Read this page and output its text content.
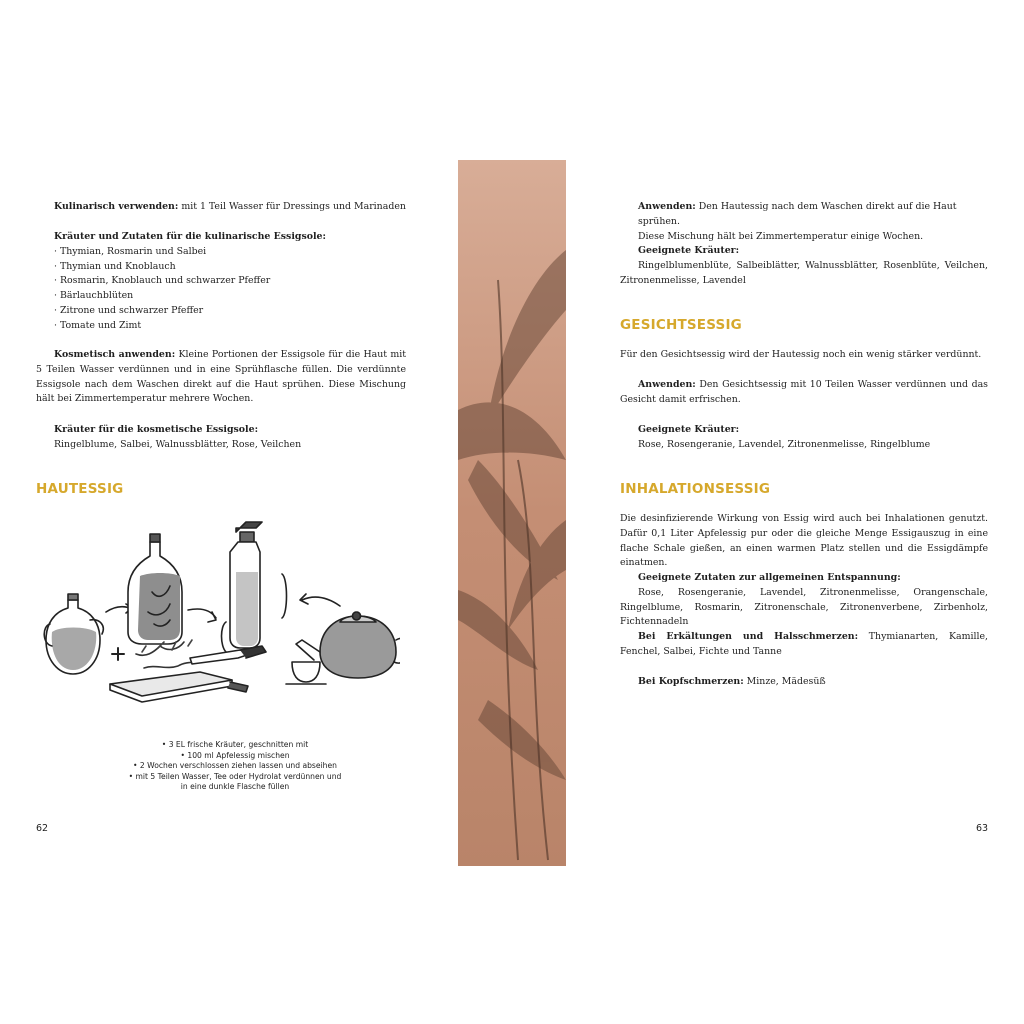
Kulinarisch verwenden: mit 1 Teil Wasser für Dressings und Marinaden

Kräuter und Zutaten für die kulinarische Essigsole:

· Thymian, Rosmarin und Salbei

· Thymian und Knoblauch

· Rosmarin, Knoblauch und schwarzer Pfeffer

· Bärlauchblüten

· Zitrone und schwarzer Pfeffer

· Tomate und Zimt

Kosmetisch anwenden: Kleine Portionen der Essigsole für die Haut mit 5 Teilen Wasser verdünnen und in eine Sprühflasche füllen. Die verdünnte Essigsole nach dem Waschen direkt auf die Haut sprühen. Diese Mischung hält bei Zimmertemperatur mehrere Wochen.

Kräuter für die kosmetische Essigsole:

Ringelblume, Salbei, Walnussblätter, Rose, Veilchen

HAUTESSIG
• 3 EL frische Kräuter, geschnitten mit
• 100 ml Apfelessig mischen
• 2 Wochen verschlossen ziehen lassen und abseihen
• mit 5 Teilen Wasser, Tee oder Hydrolat verdünnen und
in eine dunkle Flasche füllen
62

Anwenden: Den Hautessig nach dem Waschen direkt auf die Haut sprühen.

Diese Mischung hält bei Zimmertemperatur einige Wochen.

Geeignete Kräuter:

Ringelblumenblüte, Salbeiblätter, Walnussblätter, Rosenblüte, Veilchen, Zitronenmelisse, Lavendel

GESICHTSESSIG

Für den Gesichtsessig wird der Hautessig noch ein wenig stärker verdünnt.

Anwenden: Den Gesichtsessig mit 10 Teilen Wasser verdünnen und das Gesicht damit erfrischen.

Geeignete Kräuter:

Rose, Rosengeranie, Lavendel, Zitronenmelisse, Ringelblume

INHALATIONSESSIG

Die desinfizierende Wirkung von Essig wird auch bei Inhalationen genutzt. Dafür 0,1 Liter Apfelessig pur oder die gleiche Menge Essigauszug in eine flache Schale gießen, an einen warmen Platz stellen und die Essigdämpfe einatmen.

Geeignete Zutaten zur allgemeinen Entspannung:

Rose, Rosengeranie, Lavendel, Zitronenmelisse, Orangenschale, Ringelblume, Rosmarin, Zitronenschale, Zitronenverbene, Zirbenholz, Fichtennadeln

Bei Erkältungen und Halsschmerzen: Thymianarten, Kamille, Fenchel, Salbei, Fichte und Tanne

Bei Kopfschmerzen: Minze, Mädesüß

63
